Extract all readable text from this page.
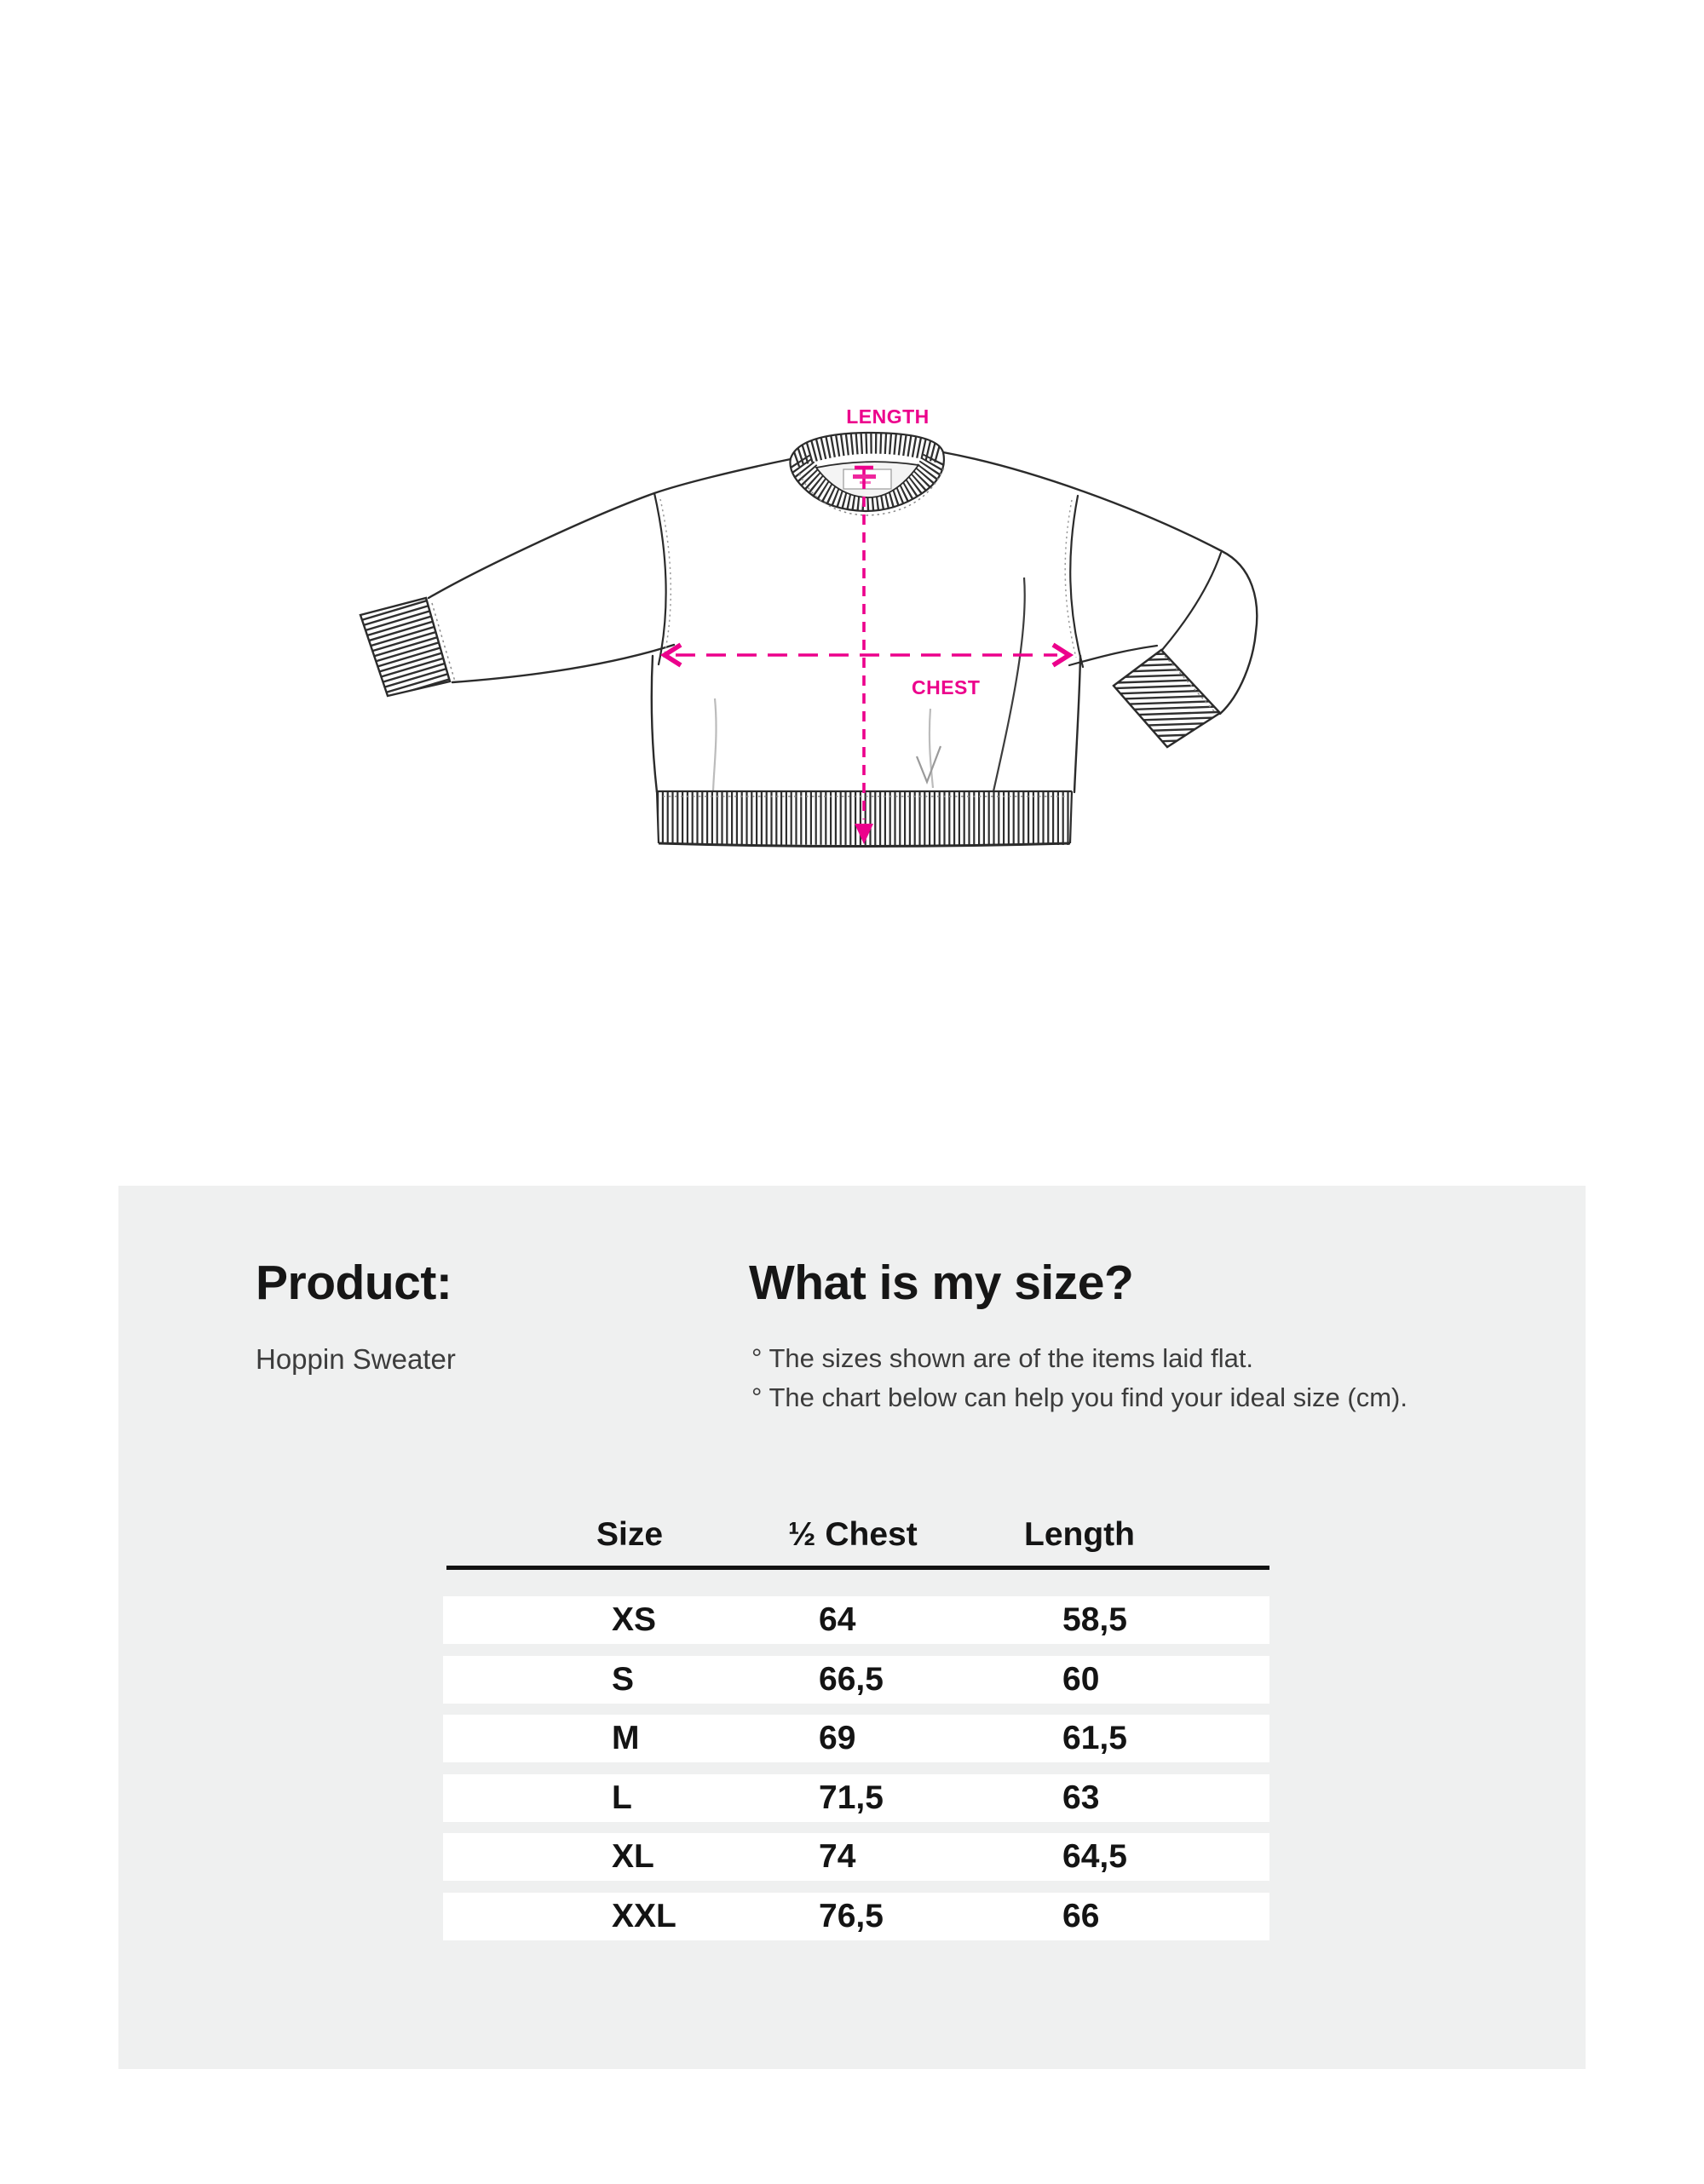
LENGTH
CHEST
Product:	What is my size?
Hoppin Sweater	° The sizes shown are of the items laid flat.
° The chart below can help you find your ideal size (cm).
Size	½ Chest	Length
XS	64	58,5
S	66,5	60
M	69	61,5
L	71,5	63
XL	74	64,5
XXL	76,5	66
